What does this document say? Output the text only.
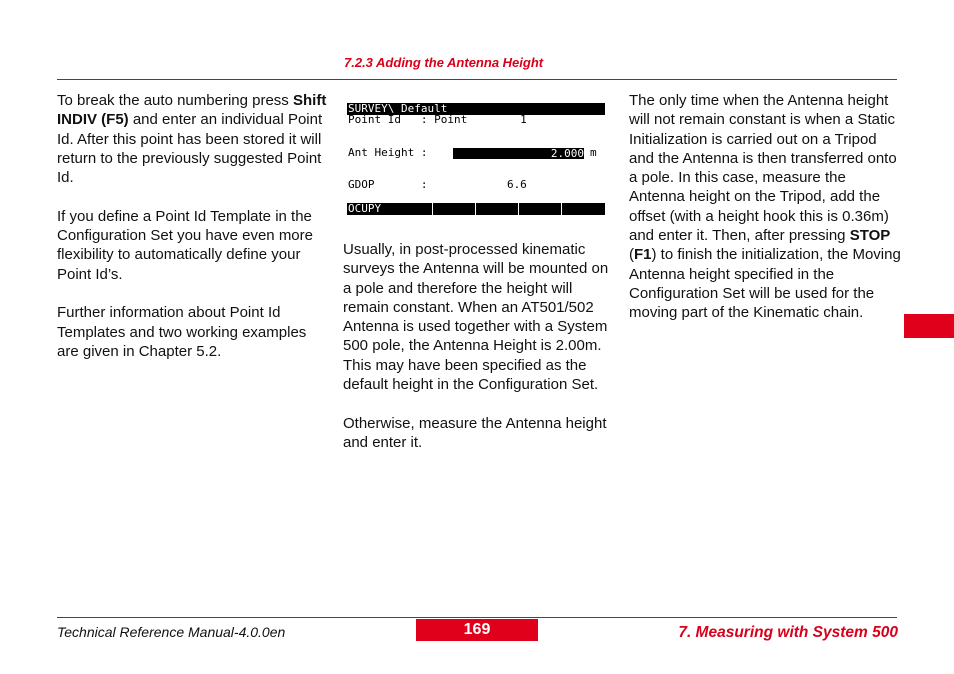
7.2.3 Adding the Antenna Height

To break the auto numbering press Shift INDIV (F5) and enter an individual Point Id. After this point has been stored it will return to the previously suggested Point Id.

If you define a Point Id Template in the Configuration Set you have even more flexibility to automatically define your Point Id’s.

Further information about Point Id Templates and two working examples are given in Chapter 5.2.

SURVEY\ Default
Point Id   : Point        1
Ant Height :	2.000 m
GDOP       :            6.6
OCUPY

Usually, in post-processed kinematic surveys the Antenna will be mounted on a pole and therefore the height will remain constant. When an AT501/502 Antenna is used together with a System 500 pole, the Antenna Height is 2.00m. This may have been specified as the default height in the Configuration Set.

Otherwise, measure the Antenna height and enter it.

The only time when the Antenna height will not remain constant is when a Static Initialization is carried out on a Tripod and the Antenna is then transferred onto a pole. In this case, measure the Antenna height on the Tripod, add the offset (with a height hook this is 0.36m) and enter it. Then, after pressing STOP (F1) to finish the initialization, the Moving Antenna height specified in the Configuration Set will be used for the moving part of the Kinematic chain.

Technical Reference Manual-4.0.0en	169	7. Measuring with System 500
